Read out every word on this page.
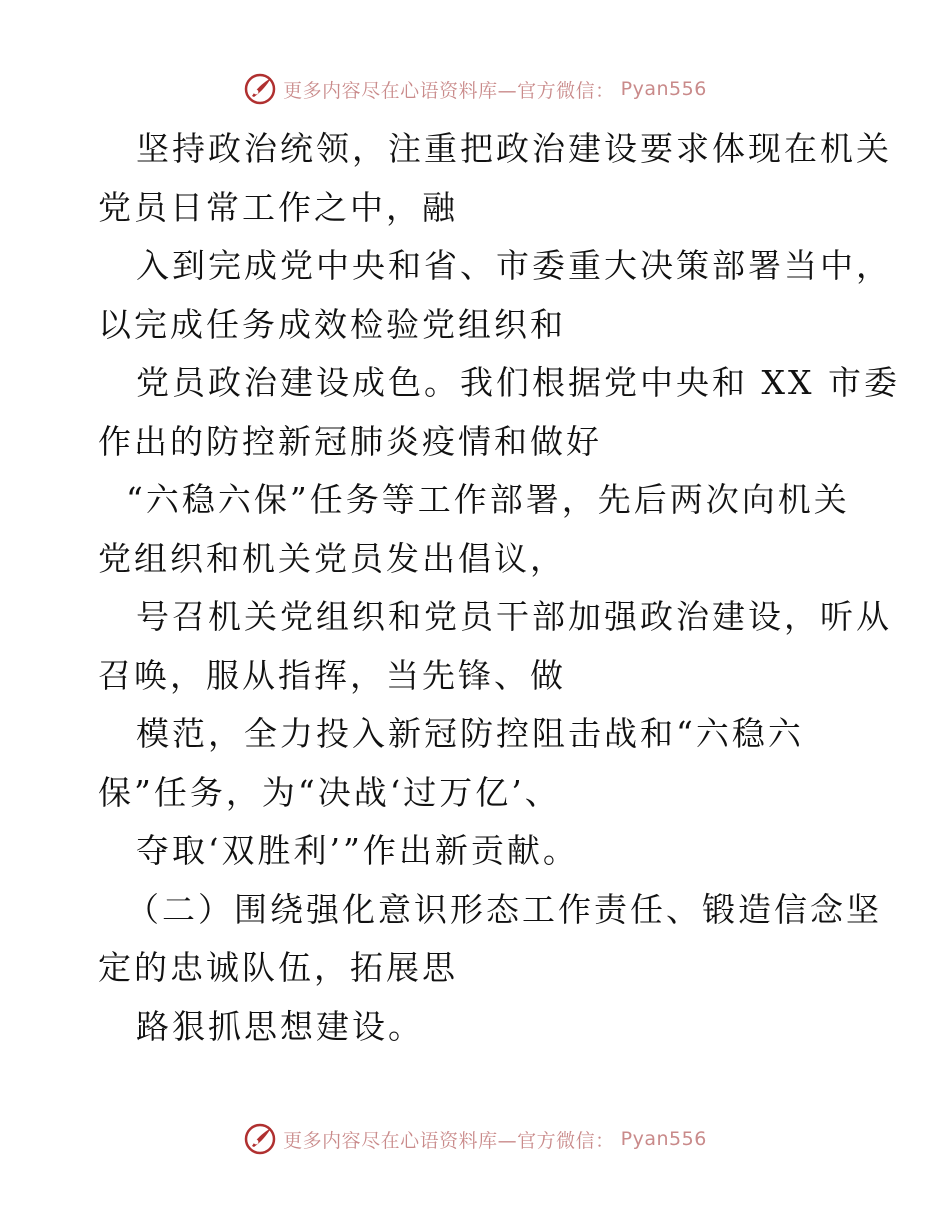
更多内容尽在心语资料库—官方微信： Pyan556
坚持政治统领，注重把政治建设要求体现在机关
党员日常工作之中，融
入到完成党中央和省、市委重大决策部署当中，
以完成任务成效检验党组织和
党员政治建设成色。我们根据党中央和 XX 市委
作出的防控新冠肺炎疫情和做好
“六稳六保”任务等工作部署，先后两次向机关
党组织和机关党员发出倡议，
号召机关党组织和党员干部加强政治建设，听从
召唤，服从指挥，当先锋、做
模范，全力投入新冠防控阻击战和“六稳六
保”任务，为“决战‘过万亿’、
夺取‘双胜利’”作出新贡献。
（二）围绕强化意识形态工作责任、锻造信念坚
定的忠诚队伍，拓展思
路狠抓思想建设。
更多内容尽在心语资料库—官方微信： Pyan556
